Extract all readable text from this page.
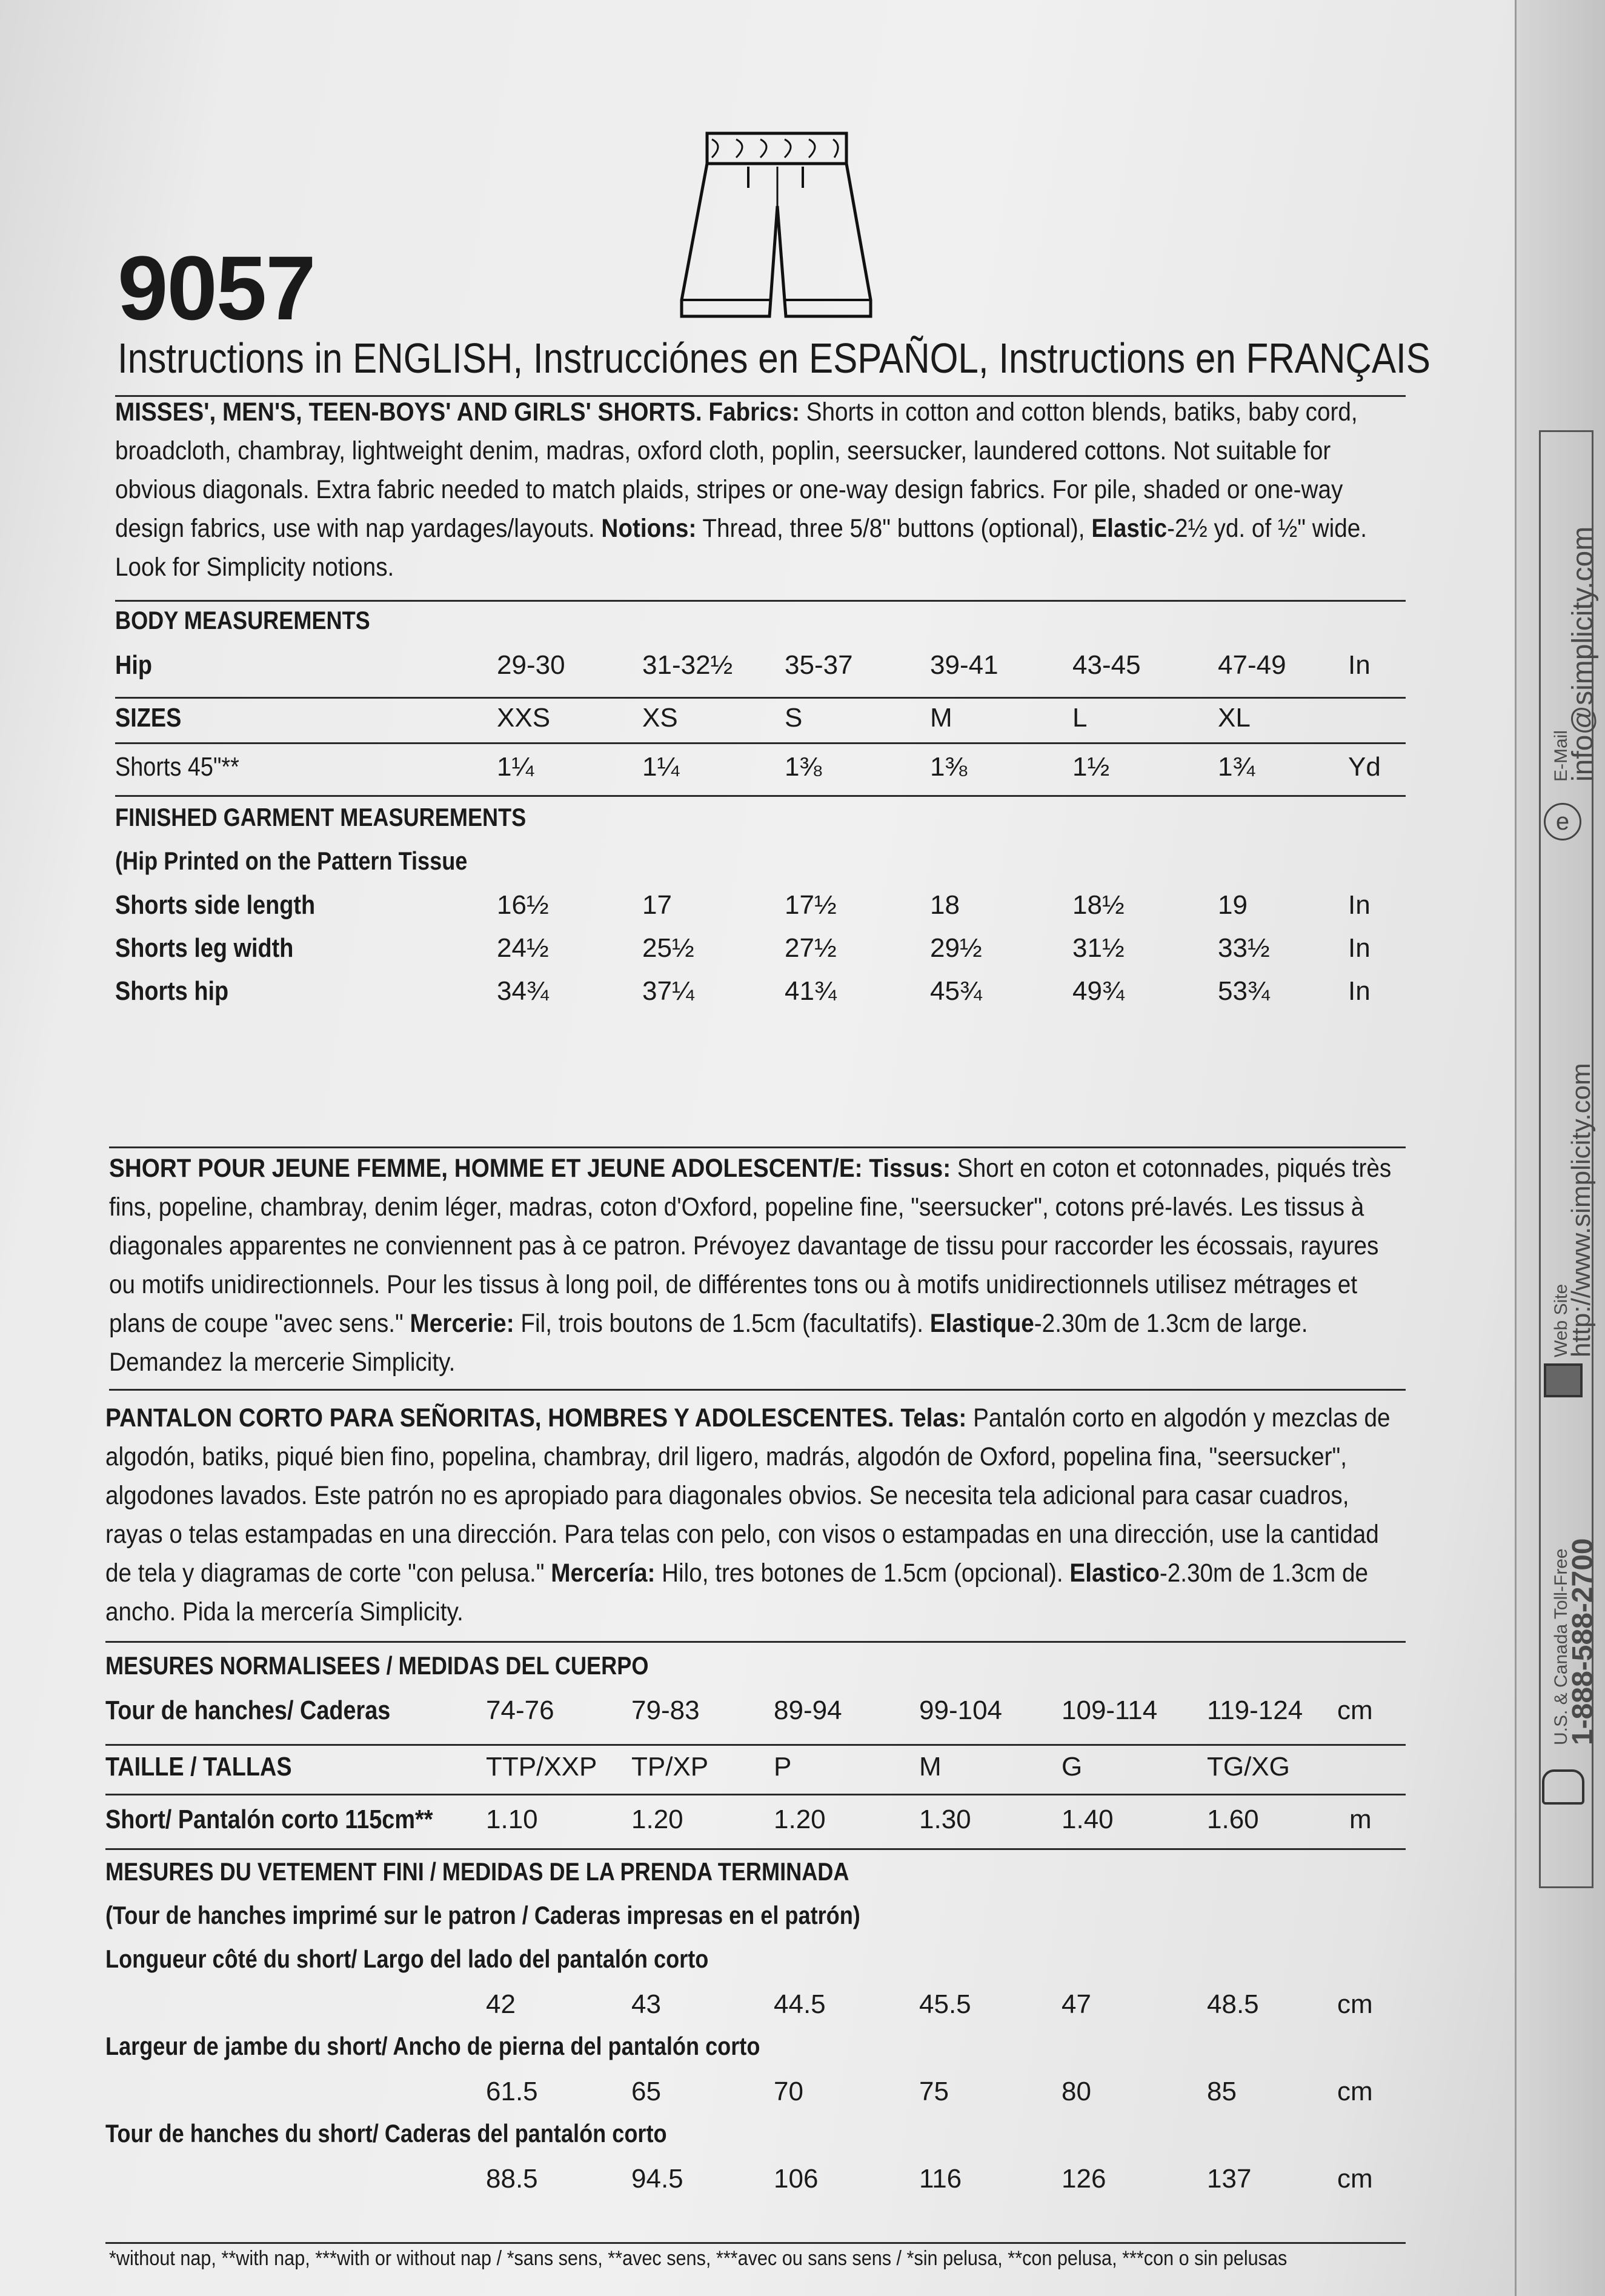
E-Mail
info@simplicity.com
Web Site
http://www.simplicity.com
U.S. & Canada Toll-Free
1-888-588-2700
e
9057
Instructions in ENGLISH, Instrucciónes en ESPAÑOL, Instructions en FRANÇAIS
MISSES', MEN'S, TEEN-BOYS' AND GIRLS' SHORTS. Fabrics: Shorts in cotton and cotton blends, batiks, baby cord, broadcloth, chambray, lightweight denim, madras, oxford cloth, poplin, seersucker, laundered cottons. Not suitable for obvious diagonals. Extra fabric needed to match plaids, stripes or one-way design fabrics. For pile, shaded or one-way design fabrics, use with nap yardages/layouts. Notions: Thread, three 5/8" buttons (optional), Elastic-2½ yd. of ½" wide. Look for Simplicity notions.
BODY MEASUREMENTS
Hip	29-30	31-32½ 35-37	39-41	43-45	47-49 In
SIZES	XXS	XS	S	M	L	XL
Shorts 45"**	1¼	1¼	1⅜	1⅜	1½	1¾	Yd
FINISHED GARMENT MEASUREMENTS
(Hip Printed on the Pattern Tissue
Shorts side length	16½	17	17½	18	18½	19	In
Shorts leg width	24½	25½	27½	29½	31½	33½	In
Shorts hip	34¾	37¼	41¾	45¾	49¾	53¾	In
SHORT POUR JEUNE FEMME, HOMME ET JEUNE ADOLESCENT/E: Tissus: Short en coton et cotonnades, piqués très fins, popeline, chambray, denim léger, madras, coton d'Oxford, popeline fine, "seersucker", cotons pré-lavés. Les tissus à diagonales apparentes ne conviennent pas à ce patron. Prévoyez davantage de tissu pour raccorder les écossais, rayures ou motifs unidirectionnels. Pour les tissus à long poil, de différentes tons ou à motifs unidirectionnels utilisez métrages et plans de coupe "avec sens." Mercerie: Fil, trois boutons de 1.5cm (facultatifs). Elastique-2.30m de 1.3cm de large. Demandez la mercerie Simplicity.
PANTALON CORTO PARA SEÑORITAS, HOMBRES Y ADOLESCENTES. Telas: Pantalón corto en algodón y mezclas de algodón, batiks, piqué bien fino, popelina, chambray, dril ligero, madrás, algodón de Oxford, popelina fina, "seersucker", algodones lavados. Este patrón no es apropiado para diagonales obvios. Se necesita tela adicional para casar cuadros, rayas o telas estampadas en una dirección. Para telas con pelo, con visos o estampadas en una dirección, use la cantidad de tela y diagramas de corte "con pelusa." Mercería: Hilo, tres botones de 1.5cm (opcional). Elastico-2.30m de 1.3cm de ancho. Pida la mercería Simplicity.
MESURES NORMALISEES / MEDIDAS DEL CUERPO
Tour de hanches/ Caderas	74-76	79-83	89-94	99-104 109-114 119-124 cm
TAILLE / TALLAS	TTP/XXP TP/XP P	M	G	TG/XG
Short/ Pantalón corto 115cm** 1.10	1.20	1.20	1.30	1.40	1.60	m
MESURES DU VETEMENT FINI / MEDIDAS DE LA PRENDA TERMINADA
(Tour de hanches imprimé sur le patron / Caderas impresas en el patrón)
Longueur côté du short/ Largo del lado del pantalón corto
42	43	44.5	45.5	47	48.5	cm
Largeur de jambe du short/ Ancho de pierna del pantalón corto
61.5	65	70	75	80	85	cm
Tour de hanches du short/ Caderas del pantalón corto
88.5	94.5	106	116	126	137	cm
*without nap, **with nap, ***with or without nap / *sans sens, **avec sens, ***avec ou sans sens / *sin pelusa, **con pelusa, ***con o sin pelusas
